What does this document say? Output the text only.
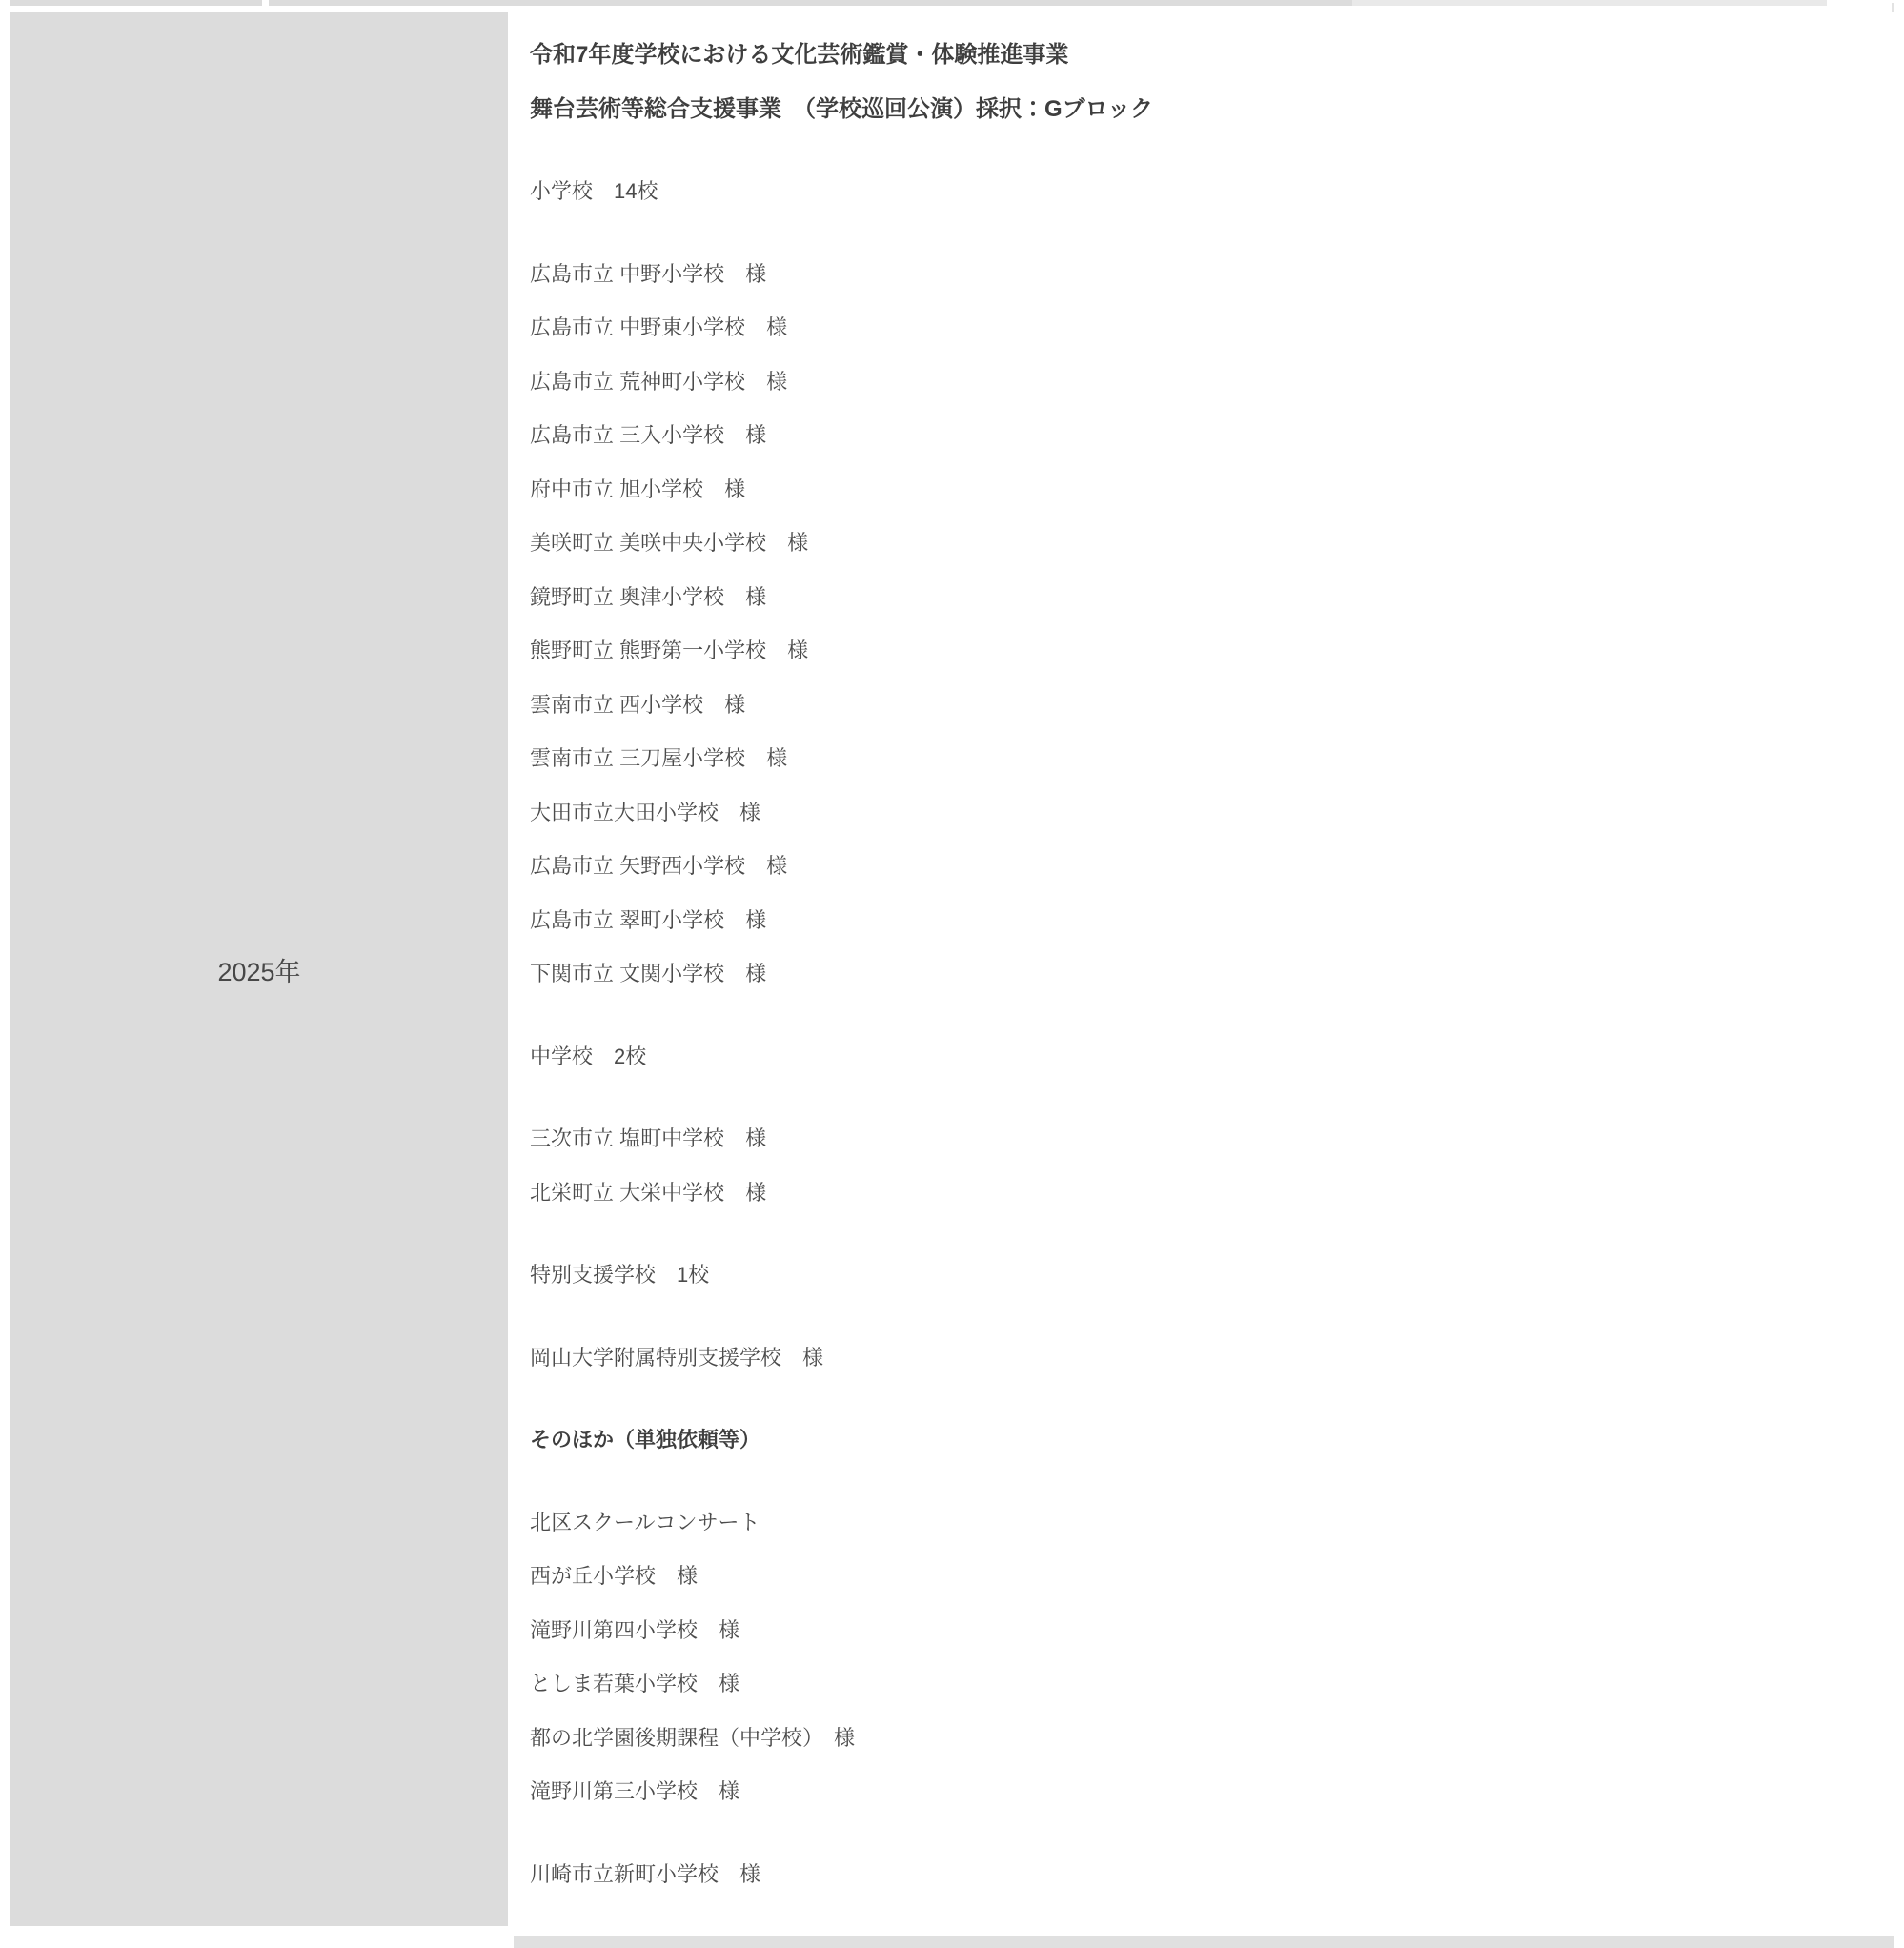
2025年

令和7年度学校における文化芸術鑑賞・体験推進事業
舞台芸術等総合支援事業　（学校巡回公演）採択：Gブロック

小学校　14校

広島市立 中野小学校　様
広島市立 中野東小学校　様
広島市立 荒神町小学校　様
広島市立 三入小学校　様
府中市立 旭小学校　様
美咲町立 美咲中央小学校　様
鏡野町立 奥津小学校　様
熊野町立 熊野第一小学校　様
雲南市立 西小学校　様
雲南市立 三刀屋小学校　様
大田市立大田小学校　様
広島市立 矢野西小学校　様
広島市立 翠町小学校　様
下関市立 文関小学校　様

中学校　2校

三次市立 塩町中学校　様
北栄町立 大栄中学校　様

特別支援学校　1校

岡山大学附属特別支援学校　様

そのほか（単独依頼等）

北区スクールコンサート
西が丘小学校　様
滝野川第四小学校　様
としま若葉小学校　様
都の北学園後期課程（中学校）　様
滝野川第三小学校　様

川崎市立新町小学校　様
